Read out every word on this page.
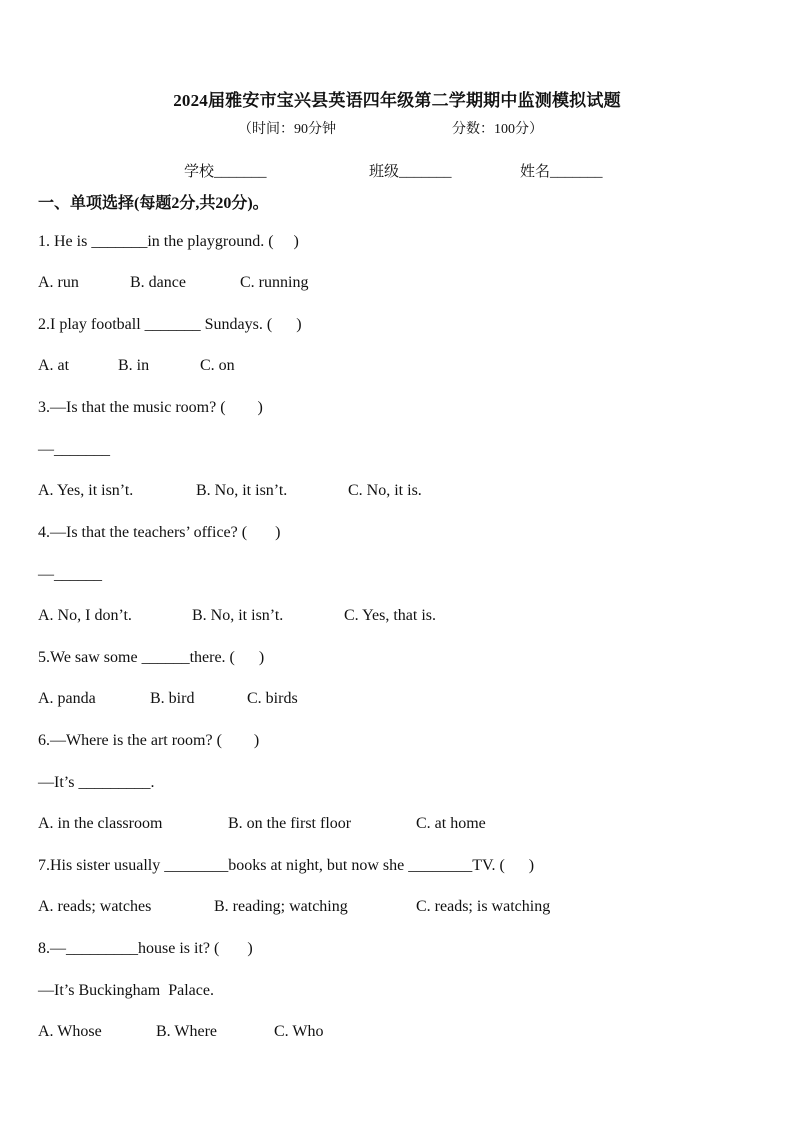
2024届雅安市宝兴县英语四年级第二学期期中监测模拟试题
（时间：90分钟	分数：100分）
学校_______	班级_______	姓名_______
一、单项选择(每题2分,共20分)。
1. He is _______in the playground. (     )
A. run	B. dance	C. running
2.I play football _______ Sundays. (      )
A. at	B. in	C. on
3.—Is that the music room? (        )
—_______
A. Yes, it isn’t.	B. No, it isn’t.	C. No, it is.
4.—Is that the teachers’ office? (       )
—______
A. No, I don’t.	B. No, it isn’t.	C. Yes, that is.
5.We saw some ______there. (      )
A. panda	B. bird	C. birds
6.—Where is the art room? (        )
—It’s _________.
A. in the classroom	B. on the first floor	C. at home
7.His sister usually ________books at night, but now she ________TV. (      )
A. reads; watches	B. reading; watching	C. reads; is watching
8.—_________house is it? (       )
—It’s Buckingham  Palace.
A. Whose	B. Where	C. Who
